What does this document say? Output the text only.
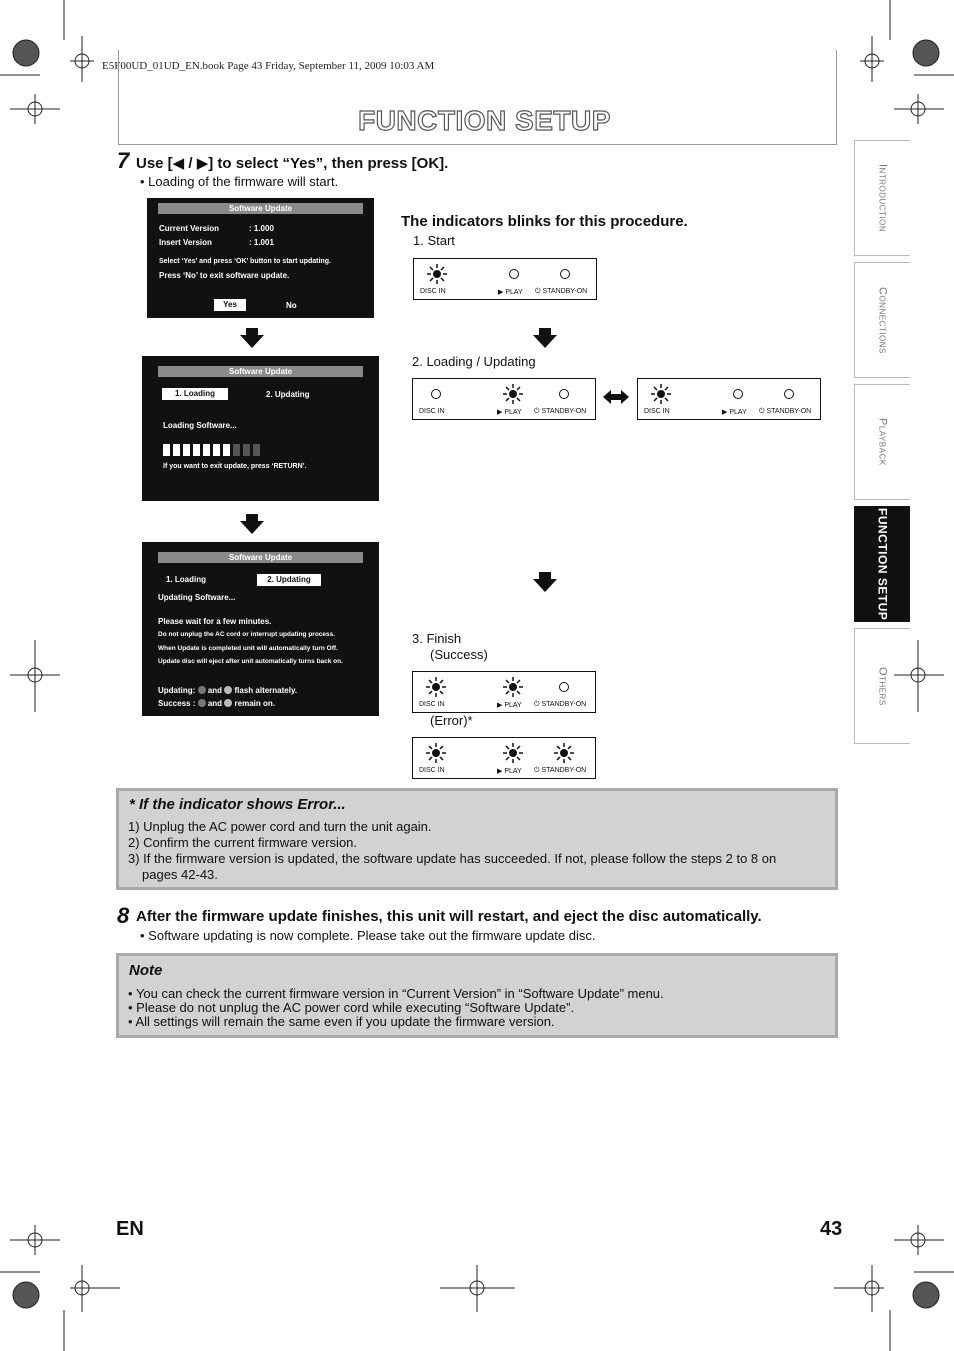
E5F00UD_01UD_EN.book Page 43 Friday, September 11, 2009 10:03 AM
FUNCTION SETUP
Introduction
Connections
Playback
FUNCTION SETUP
Others
7 Use [◀ / ▶] to select “Yes”, then press [OK].
• Loading of the firmware will start.
Software Update
Current Version	: 1.000
Insert Version	: 1.001
Select ‘Yes’ and press ‘OK’ button to start updating.
Press ‘No’ to exit software update.
Yes	No
Software Update
1. Loading	2. Updating
Loading Software...
If you want to exit update, press ‘RETURN’.
Software Update
1. Loading	2. Updating
Updating Software...
Please wait for a few minutes.
Do not unplug the AC cord or interrupt updating process.
When Update is completed unit will automatically turn Off.
Update disc will eject after unit automatically turns back on.
Updating: and flash alternately.
Success : and remain on.
The indicators blinks for this procedure.
1. Start
2. Loading / Updating
3. Finish
(Success)
(Error)*
DISC IN	▶ PLAY ⏻ STANDBY-ON
DISC IN	▶ PLAY ⏻ STANDBY-ON	DISC IN	▶ PLAY ⏻ STANDBY-ON
DISC IN	▶ PLAY ⏻ STANDBY-ON
DISC IN	▶ PLAY ⏻ STANDBY-ON
* If the indicator shows Error...
1) Unplug the AC power cord and turn the unit again.
2) Confirm the current firmware version.
3) If the firmware version is updated, the software update has succeeded. If not, please follow the steps 2 to 8 on
pages 42-43.
8 After the firmware update finishes, this unit will restart, and eject the disc automatically.
• Software updating is now complete. Please take out the firmware update disc.
Note
• You can check the current firmware version in “Current Version” in “Software Update” menu.
• Please do not unplug the AC power cord while executing “Software Update”.
• All settings will remain the same even if you update the firmware version.
EN	43
